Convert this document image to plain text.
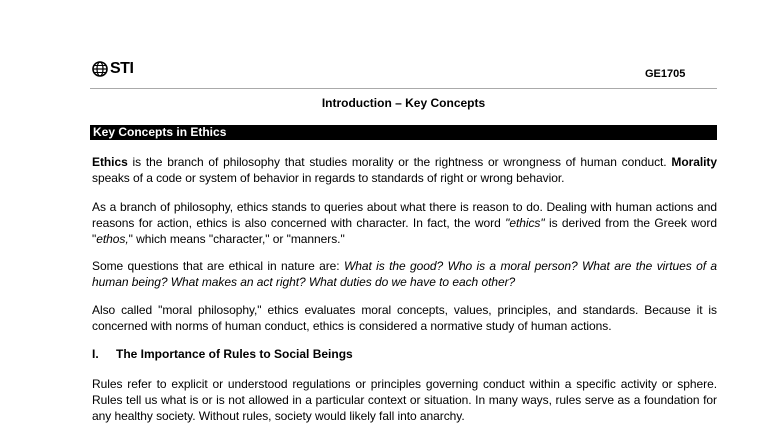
STI	GE1705
Introduction – Key Concepts
Key Concepts in Ethics
Ethics is the branch of philosophy that studies morality or the rightness or wrongness of human conduct. Morality speaks of a code or system of behavior in regards to standards of right or wrong behavior.
As a branch of philosophy, ethics stands to queries about what there is reason to do. Dealing with human actions and reasons for action, ethics is also concerned with character. In fact, the word "ethics" is derived from the Greek word "ethos," which means "character," or "manners."
Some questions that are ethical in nature are: What is the good? Who is a moral person? What are the virtues of a human being? What makes an act right? What duties do we have to each other?
Also called "moral philosophy," ethics evaluates moral concepts, values, principles, and standards. Because it is concerned with norms of human conduct, ethics is considered a normative study of human actions.
I. The Importance of Rules to Social Beings
Rules refer to explicit or understood regulations or principles governing conduct within a specific activity or sphere. Rules tell us what is or is not allowed in a particular context or situation. In many ways, rules serve as a foundation for any healthy society. Without rules, society would likely fall into anarchy.
